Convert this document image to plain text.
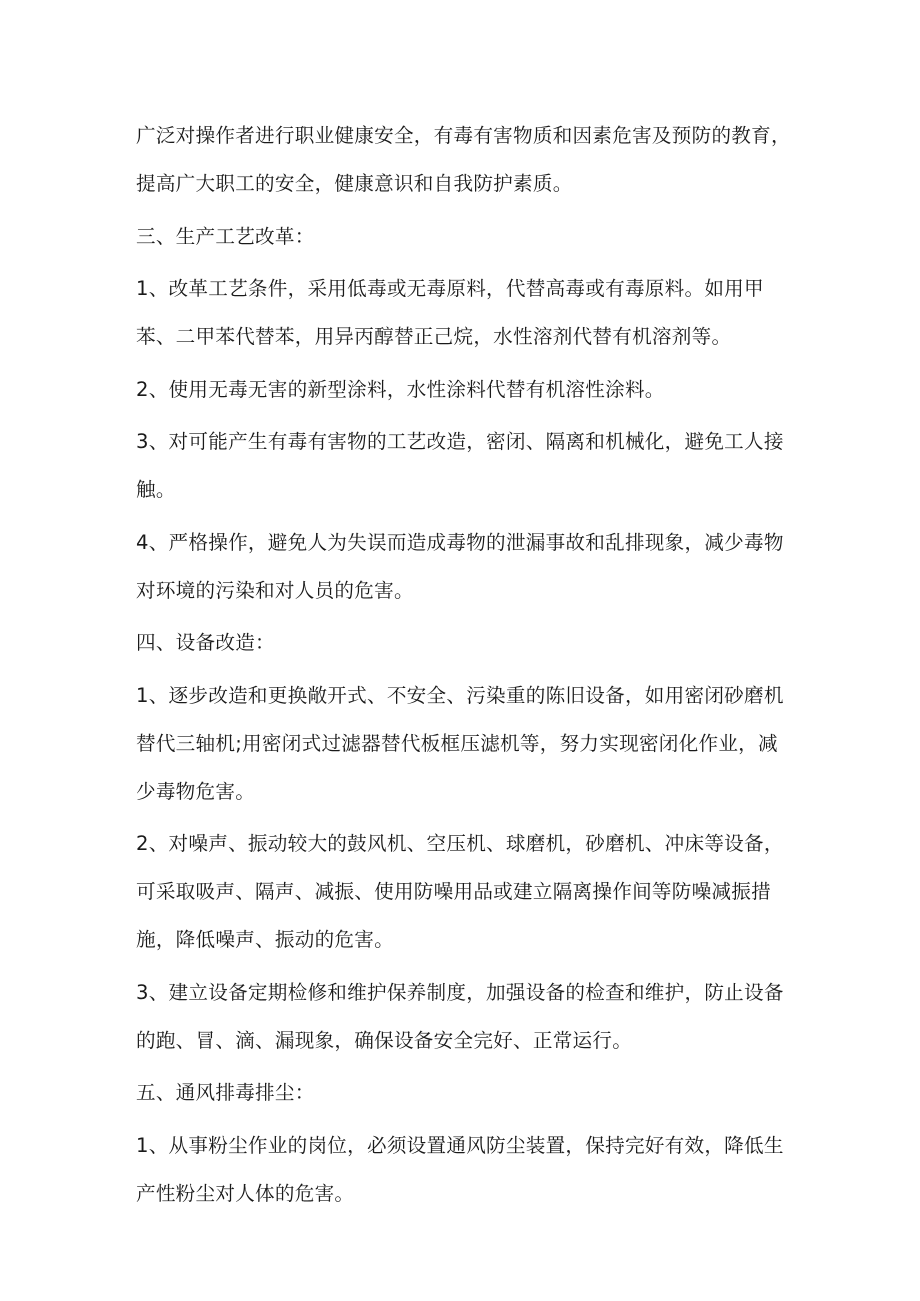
广泛对操作者进行职业健康安全，有毒有害物质和因素危害及预防的教育，提高广大职工的安全，健康意识和自我防护素质。

三、生产工艺改革：

1、改革工艺条件，采用低毒或无毒原料，代替高毒或有毒原料。如用甲苯、二甲苯代替苯，用异丙醇替正己烷，水性溶剂代替有机溶剂等。

2、使用无毒无害的新型涂料，水性涂料代替有机溶性涂料。

3、对可能产生有毒有害物的工艺改造，密闭、隔离和机械化，避免工人接触。

4、严格操作，避免人为失误而造成毒物的泄漏事故和乱排现象，减少毒物对环境的污染和对人员的危害。

四、设备改造：

1、逐步改造和更换敞开式、不安全、污染重的陈旧设备，如用密闭砂磨机替代三轴机;用密闭式过滤器替代板框压滤机等，努力实现密闭化作业，减少毒物危害。

2、对噪声、振动较大的鼓风机、空压机、球磨机，砂磨机、冲床等设备，可采取吸声、隔声、减振、使用防噪用品或建立隔离操作间等防噪减振措施，降低噪声、振动的危害。

3、建立设备定期检修和维护保养制度，加强设备的检查和维护，防止设备的跑、冒、滴、漏现象，确保设备安全完好、正常运行。

五、通风排毒排尘：

1、从事粉尘作业的岗位，必须设置通风防尘装置，保持完好有效，降低生产性粉尘对人体的危害。
